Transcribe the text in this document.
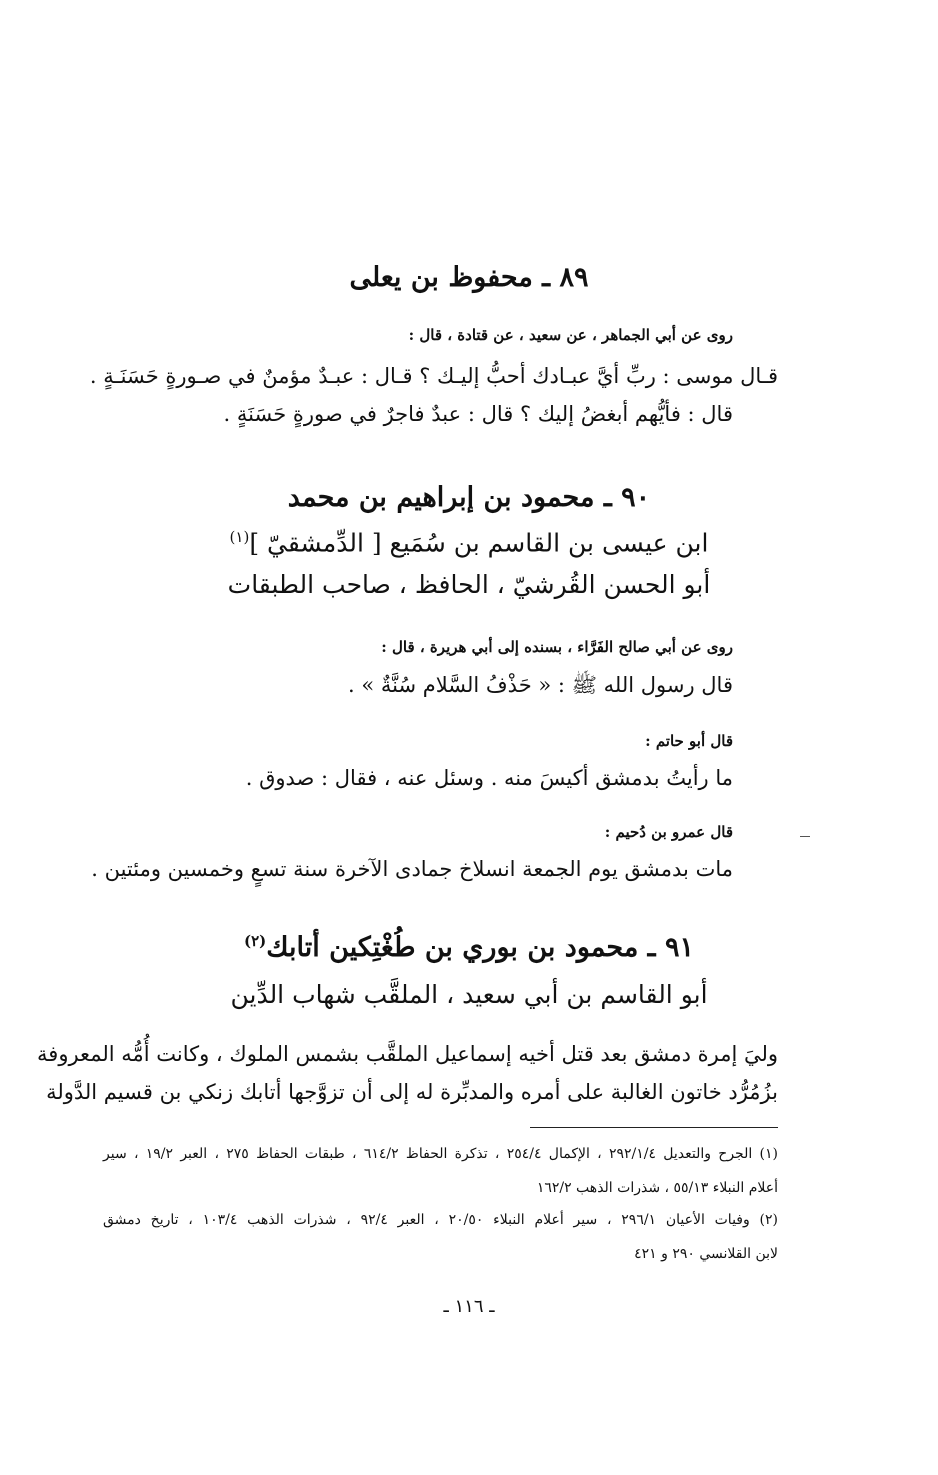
٨٩ ـ محفوظ بن يعلى
روى عن أبي الجماهر ، عن سعيد ، عن قتادة ، قال :
قـال موسى : ربِّ أيَّ عبـادك أحبُّ إليـك ؟ قـال : عبـدٌ مؤمنٌ في صـورةٍ حَسَنَـةٍ .
قال : فأيُّهم أبغضُ إليك ؟ قال : عبدٌ فاجرٌ في صورةٍ حَسَنَةٍ .
٩٠ ـ محمود بن إبراهيم بن محمد
ابن عيسى بن القاسم بن سُمَيع [ الدِّمشقيّ ]$^{(١)}$
أبو الحسن القُرشيّ ، الحافظ ، صاحب الطبقات
روى عن أبي صالح الفَرَّاء ، بسنده إلى أبي هريرة ، قال :
قال رسول الله ﷺ : « حَذْفُ السَّلام سُنَّةٌ » .
قال أبو حاتم :
ما رأيتُ بدمشق أكيسَ منه . وسئل عنه ، فقال : صدوق .
قال عمرو بن دُحيم :
مات بدمشق يوم الجمعة انسلاخ جمادى الآخرة سنة تسعٍ وخمسين ومئتين .
٩١ ـ محمود بن بوري بن طُغْتِكين أتابك$^{(٢)}$
أبو القاسم بن أبي سعيد ، الملقَّب شهاب الدِّين
وليَ إمرة دمشق بعد قتل أخيه إسماعيل الملقَّب بشمس الملوك ، وكانت أُمُّه المعروفة
بزُمُرُّد خاتون الغالبة على أمره والمدبِّرة له إلى أن تزوَّجها أتابك زنكي بن قسيم الدَّولة
(١) الجرح والتعديل ٢٩٢/١/٤ ، الإكمال ٢٥٤/٤ ، تذكرة الحفاظ ٦١٤/٢ ، طبقات الحفاظ ٢٧٥ ، العبر ١٩/٢ ، سير
أعلام النبلاء ٥٥/١٣ ، شذرات الذهب ١٦٢/٢
(٢) وفيات الأعيان ٢٩٦/١ ، سير أعلام النبلاء ٢٠/٥٠ ، العبر ٩٢/٤ ، شذرات الذهب ١٠٣/٤ ، تاريخ دمشق
لابن القلانسي ٢٩٠ و ٤٢١
ـ ١١٦ ـ
